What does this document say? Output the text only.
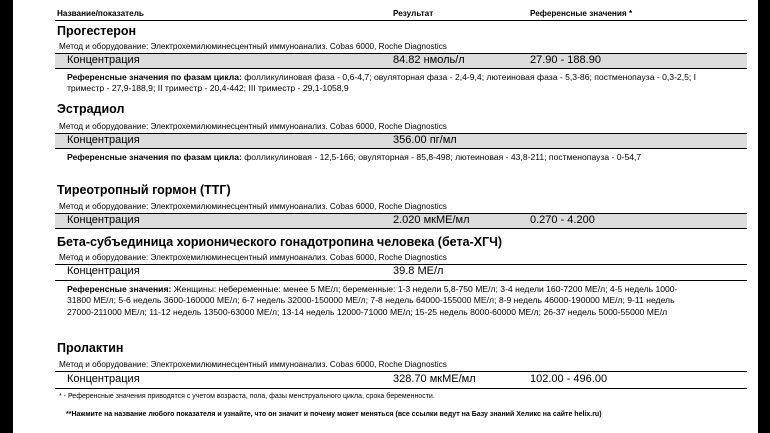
Название/показатель	Результат	Референсные значения *
Прогестерон
Метод и оборудование: Электрохемилюминесцентный иммуноанализ. Cobas 6000, Roche Diagnostics
Концентрация	84.82 нмоль/л	27.90 - 188.90
Референсные значения по фазам цикла: фолликулиновая фаза - 0,6-4,7; овуляторная фаза - 2,4-9,4; лютеиновая фаза - 5,3-86; постменопауза - 0,3-2,5; I триместр - 27,9-188,9; II триместр - 20,4-442; III триместр - 29,1-1058,9
Эстрадиол
Метод и оборудование: Электрохемилюминесцентный иммуноанализ. Cobas 6000, Roche Diagnostics
Концентрация	356.00 пг/мл
Референсные значения по фазам цикла: фолликулиновая - 12,5-166; овуляторная - 85,8-498; лютеиновая - 43,8-211; постменопауза - 0-54,7
Тиреотропный гормон (ТТГ)
Метод и оборудование: Электрохемилюминесцентный иммуноанализ. Cobas 6000, Roche Diagnostics
Концентрация	2.020 мкМЕ/мл	0.270 - 4.200
Бета-субъединица хорионического гонадотропина человека (бета-ХГЧ)
Метод и оборудование: Электрохемилюминесцентный иммуноанализ. Cobas 6000, Roche Diagnostics
Концентрация	39.8 МЕ/л
Референсные значения: Женщины: небеременные: менее 5 МЕ/л; беременные: 1-3 недели 5,8-750 МЕ/л; 3-4 недели 160-7200 МЕ/л; 4-5 недель 1000-31800 МЕ/л; 5-6 недель 3600-160000 МЕ/л; 6-7 недель 32000-150000 МЕ/л; 7-8 недель 64000-155000 МЕ/л; 8-9 недель 46000-190000 МЕ/л; 9-11 недель 27000-211000 МЕ/л; 11-12 недель 13500-63000 МЕ/л; 13-14 недель 12000-71000 МЕ/л; 15-25 недель 8000-60000 МЕ/л; 26-37 недель 5000-55000 МЕ/л
Пролактин
Метод и оборудование: Электрохемилюминесцентный иммуноанализ. Cobas 6000, Roche Diagnostics
Концентрация	328.70 мкМЕ/мл	102.00 - 496.00
* - Референсные значения приводятся с учетом возраста, пола, фазы менструального цикла, срока беременности.
**Нажмите на название любого показателя и узнайте, что он значит и почему может меняться (все ссылки ведут на Базу знаний Хеликс на сайте helix.ru)
